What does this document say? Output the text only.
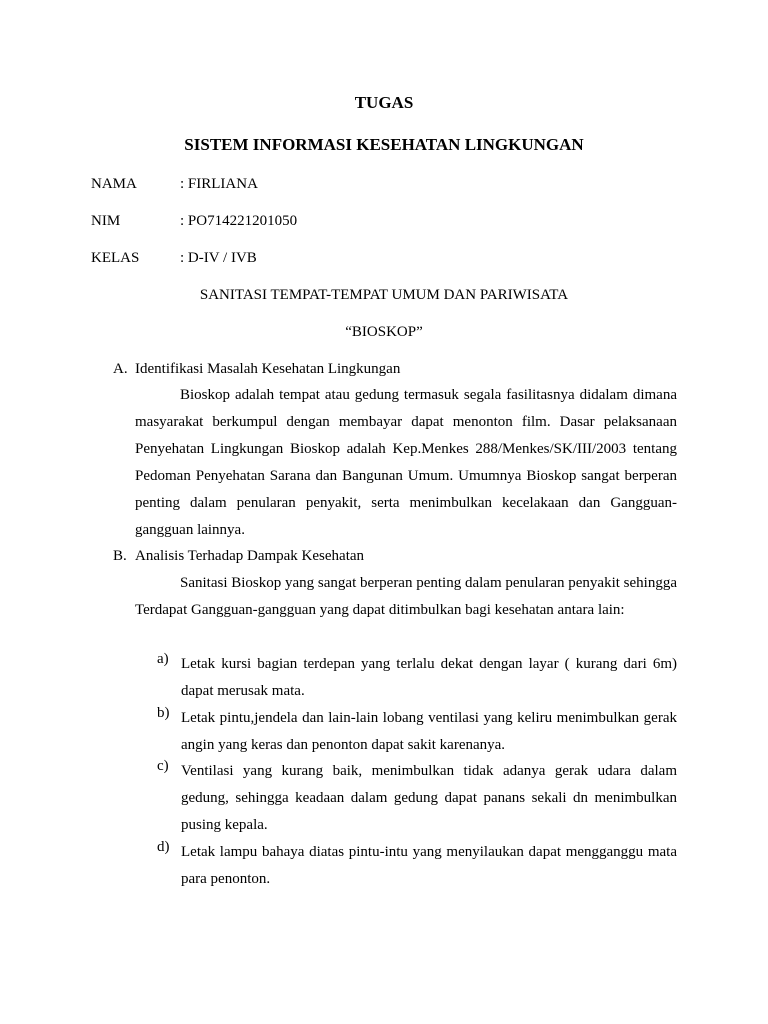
TUGAS
SISTEM INFORMASI KESEHATAN LINGKUNGAN
NAMA	: FIRLIANA
NIM	: PO714221201050
KELAS	: D-IV / IVB
SANITASI TEMPAT-TEMPAT UMUM DAN PARIWISATA
“BIOSKOP”
A. Identifikasi Masalah Kesehatan Lingkungan

Bioskop adalah tempat atau gedung termasuk segala fasilitasnya didalam dimana masyarakat berkumpul dengan membayar dapat menonton film. Dasar pelaksanaan Penyehatan Lingkungan Bioskop adalah Kep.Menkes 288/Menkes/SK/III/2003 tentang Pedoman Penyehatan Sarana dan Bangunan Umum. Umumnya Bioskop sangat berperan penting dalam penularan penyakit, serta menimbulkan kecelakaan dan Gangguan-gangguan lainnya.

B. Analisis Terhadap Dampak Kesehatan

Sanitasi Bioskop yang sangat berperan penting dalam penularan penyakit sehingga Terdapat Gangguan-gangguan yang dapat ditimbulkan bagi kesehatan antara lain:

a) Letak kursi bagian terdepan yang terlalu dekat dengan layar ( kurang dari 6m) dapat merusak mata.
b) Letak pintu,jendela dan lain-lain lobang ventilasi yang keliru menimbulkan gerak angin yang keras dan penonton dapat sakit karenanya.
c) Ventilasi yang kurang baik, menimbulkan tidak adanya gerak udara dalam gedung, sehingga keadaan dalam gedung dapat panans sekali dn menimbulkan pusing kepala.
d) Letak lampu bahaya diatas pintu-intu yang menyilaukan dapat mengganggu mata para penonton.
